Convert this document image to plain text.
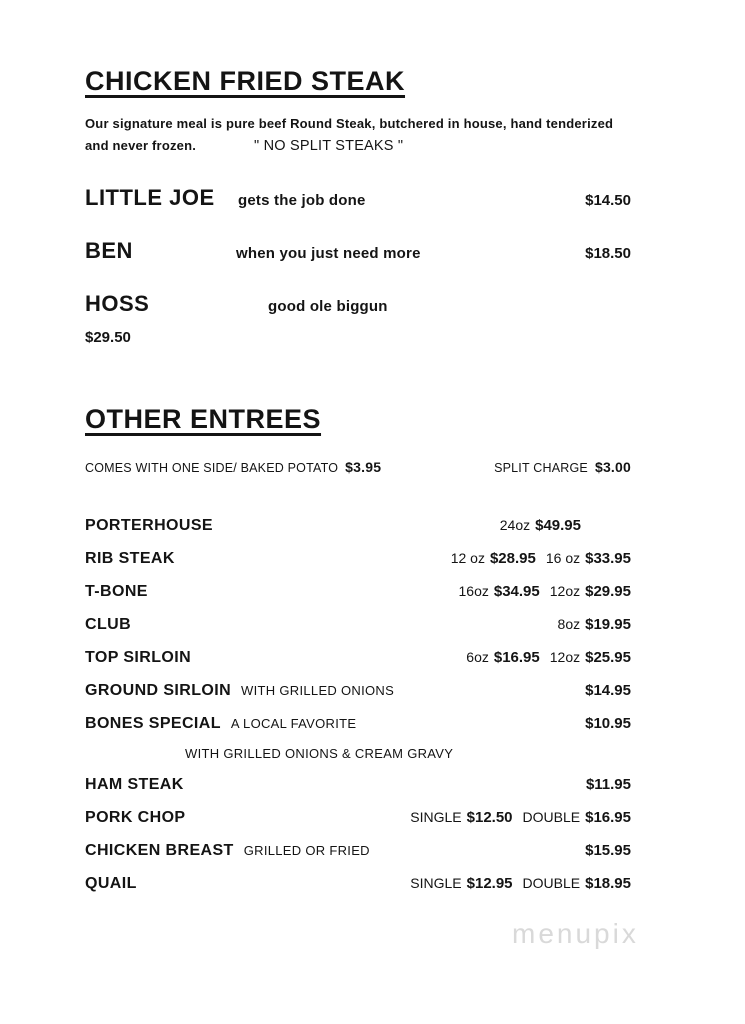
CHICKEN FRIED STEAK
Our signature meal is pure beef Round Steak, butchered in house, hand tenderized
and never frozen.	" NO SPLIT STEAKS "
LITTLE JOE	gets the job done	$14.50
BEN	when you just need more	$18.50
HOSS	good ole biggun
$29.50
OTHER ENTREES
COMES WITH ONE SIDE/ BAKED POTATO $3.95	SPLIT CHARGE $3.00
PORTERHOUSE	24oz $49.95
RIB STEAK	12 oz $28.95 16 oz $33.95
T-BONE	16oz $34.95 12oz $29.95
CLUB	8oz $19.95
TOP SIRLOIN	6oz $16.95 12oz $25.95
GROUND SIRLOIN WITH GRILLED ONIONS	$14.95
BONES SPECIAL A LOCAL FAVORITE	$10.95
WITH GRILLED ONIONS & CREAM GRAVY
HAM STEAK	$11.95
PORK CHOP	SINGLE $12.50 DOUBLE $16.95
CHICKEN BREAST GRILLED OR FRIED	$15.95
QUAIL	SINGLE $12.95 DOUBLE $18.95
menupix
